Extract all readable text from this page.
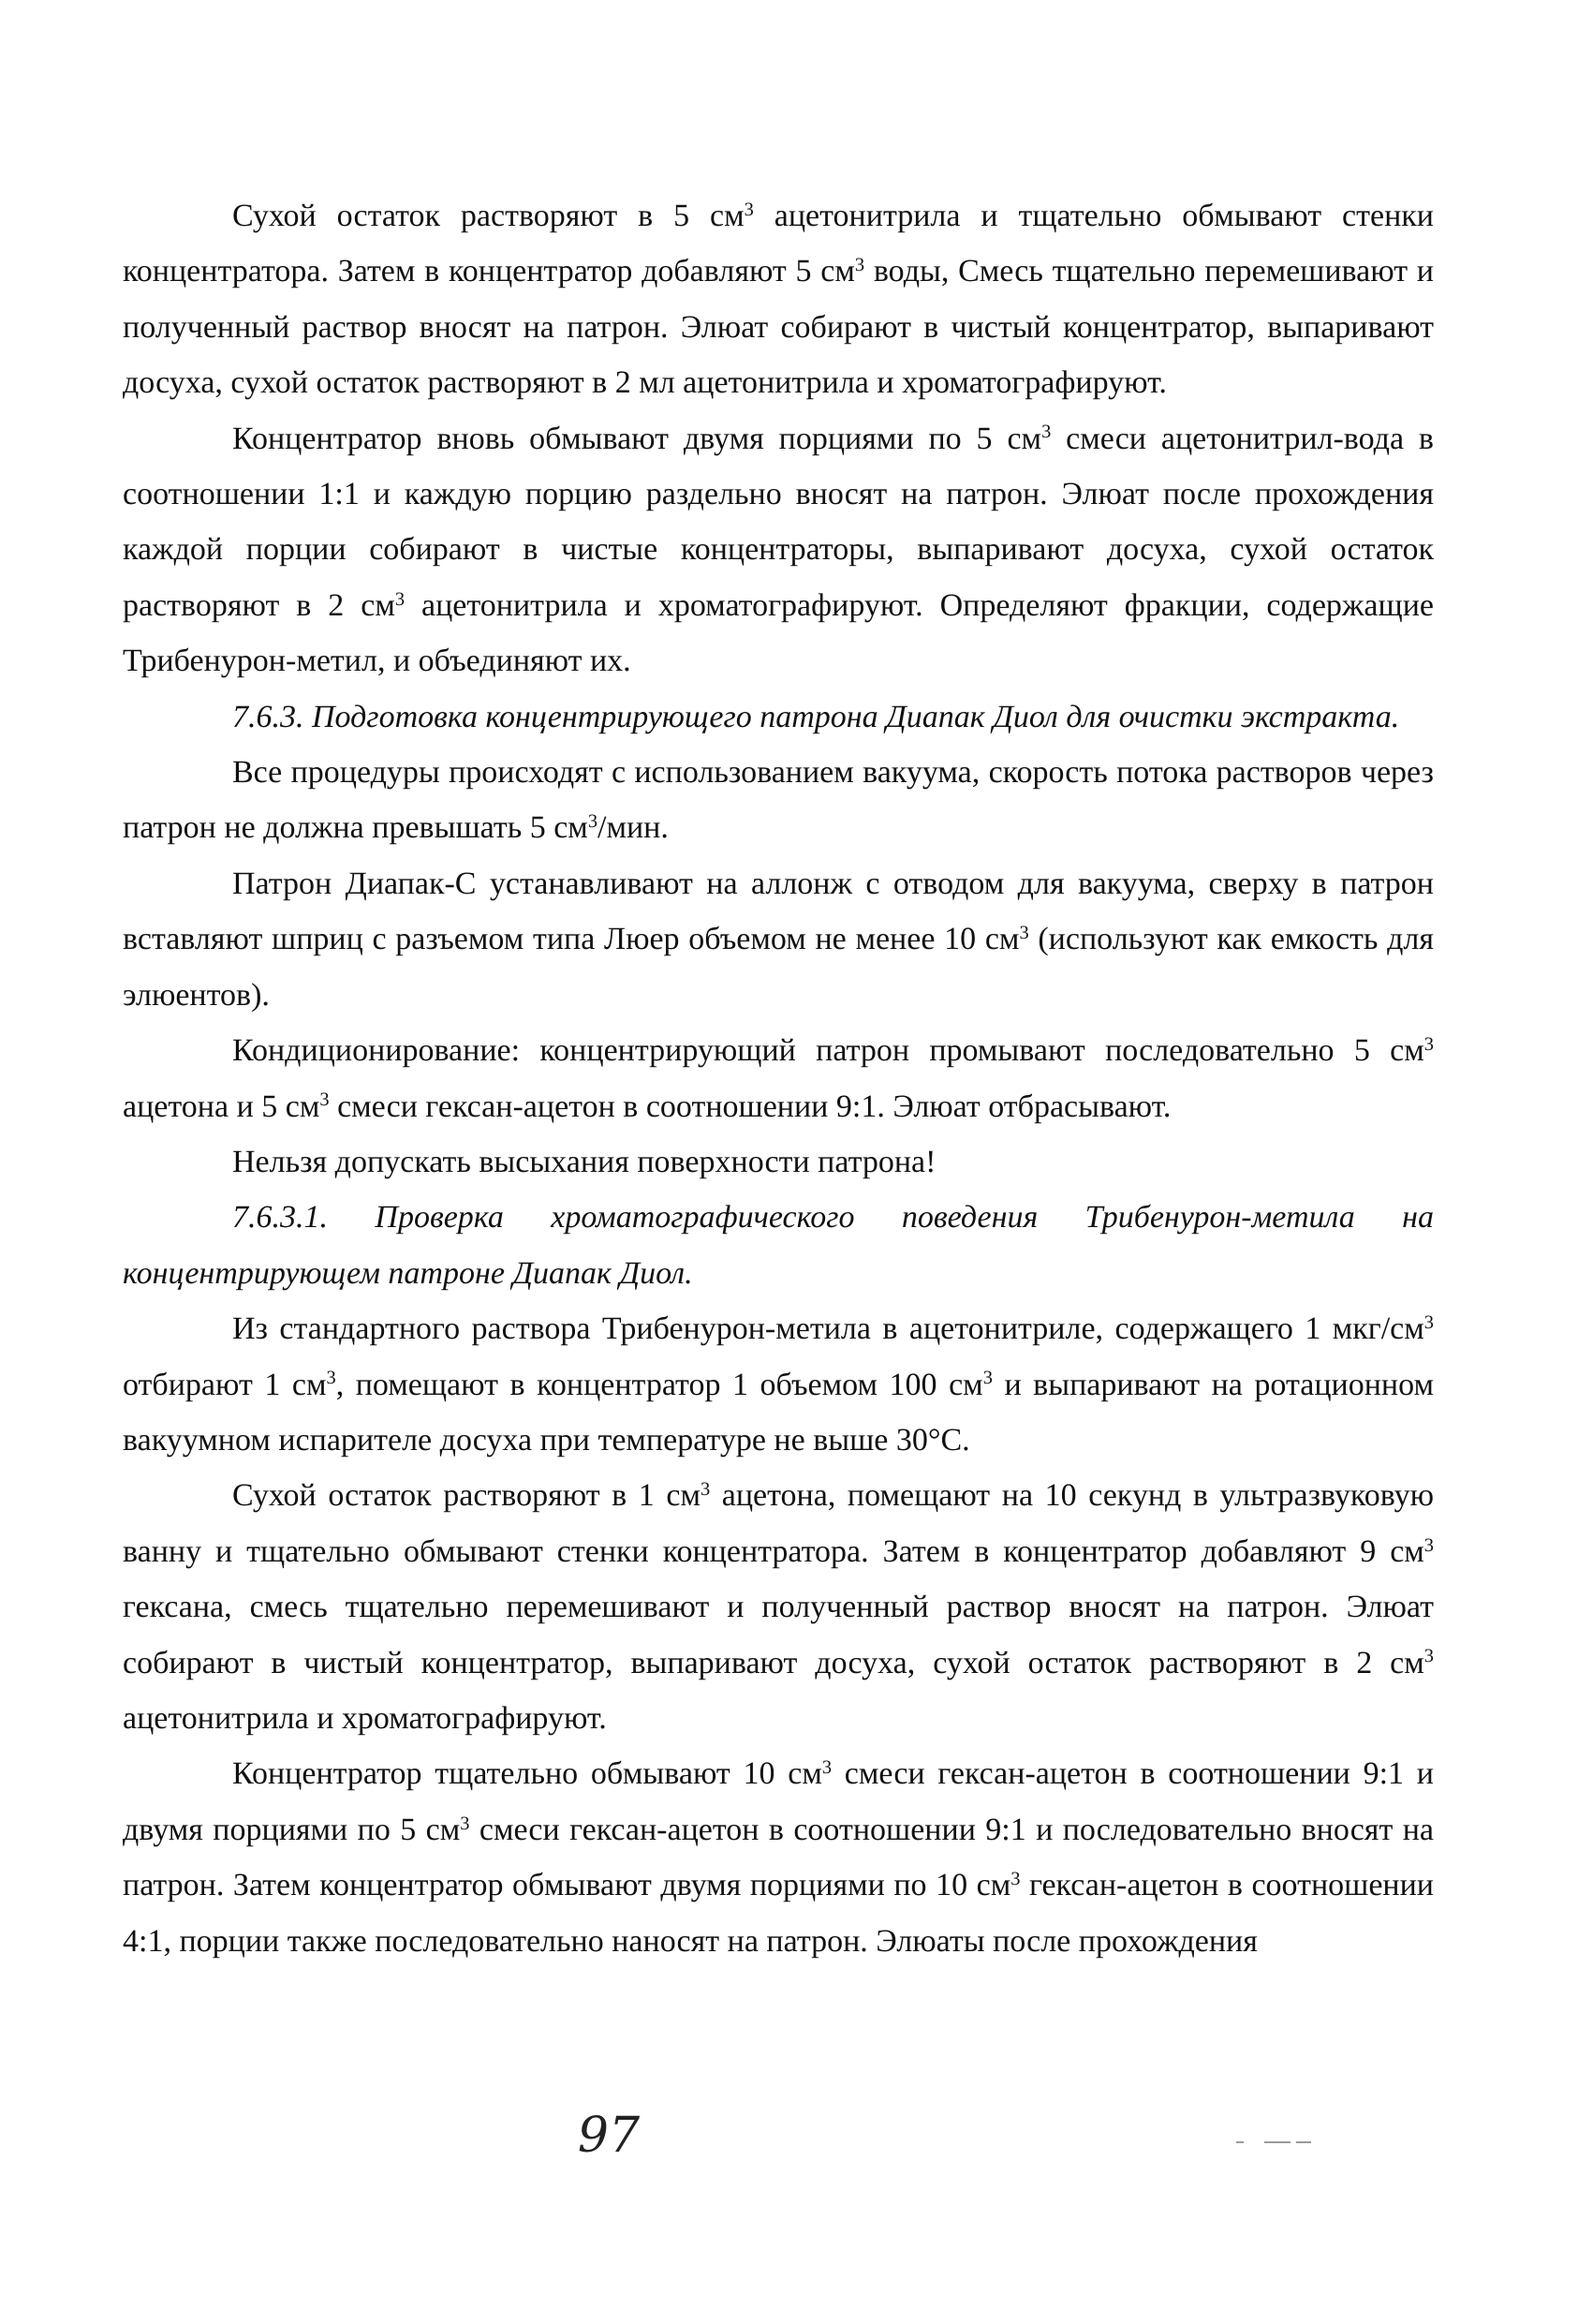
Сухой остаток растворяют в 5 $см^3$ ацетонитрила и тщательно обмывают стенки концентратора. Затем в концентратор добавляют 5 $см^3$ воды, Смесь тщательно перемешивают и полученный раствор вносят на патрон. Элюат собирают в чистый концентратор, выпаривают досуха, сухой остаток растворяют в 2 мл ацетонитрила и хроматографируют.

Концентратор вновь обмывают двумя порциями по 5 $см^3$ смеси ацетонитрил-вода в соотношении 1:1 и каждую порцию раздельно вносят на патрон. Элюат после прохождения каждой порции собирают в чистые концентраторы, выпаривают досуха, сухой остаток растворяют в 2 $см^3$ ацетонитрила и хроматографируют. Определяют фракции, содержащие Трибенурон-метил, и объединяют их.

7.6.3. Подготовка концентрирующего патрона Диапак Диол для очистки экстракта.

Все процедуры происходят с использованием вакуума, скорость потока растворов через патрон не должна превышать 5 $см^3$/мин.

Патрон Диапак-С устанавливают на аллонж с отводом для вакуума, сверху в патрон вставляют шприц с разъемом типа Люер объемом не менее 10 $см^3$ (используют как емкость для элюентов).

Кондиционирование: концентрирующий патрон промывают последовательно 5 $см^3$ ацетона и 5 $см^3$ смеси гексан-ацетон в соотношении 9:1. Элюат отбрасывают.

Нельзя допускать высыхания поверхности патрона!

7.6.3.1. Проверка хроматографического поведения Трибенурон-метила на концентрирующем патроне Диапак Диол.

Из стандартного раствора Трибенурон-метила в ацетонитриле, содержащего 1 мкг/$см^3$ отбирают 1 $см^3$, помещают в концентратор 1 объемом 100 $см^3$ и выпаривают на ротационном вакуумном испарителе досуха при температуре не выше 30°С.

Сухой остаток растворяют в 1 $см^3$ ацетона, помещают на 10 секунд в ультразвуковую ванну и тщательно обмывают стенки концентратора. Затем в концентратор добавляют 9 $см^3$ гексана, смесь тщательно перемешивают и полученный раствор вносят на патрон. Элюат собирают в чистый концентратор, выпаривают досуха, сухой остаток растворяют в 2 $см^3$ ацетонитрила и хроматографируют.

Концентратор тщательно обмывают 10 $см^3$ смеси гексан-ацетон в соотношении 9:1 и двумя порциями по 5 $см^3$ смеси гексан-ацетон в соотношении 9:1 и последовательно вносят на патрон. Затем концентратор обмывают двумя порциями по 10 $см^3$ гексан-ацетон в соотношении 4:1, порции также последовательно наносят на патрон. Элюаты после прохождения

97
